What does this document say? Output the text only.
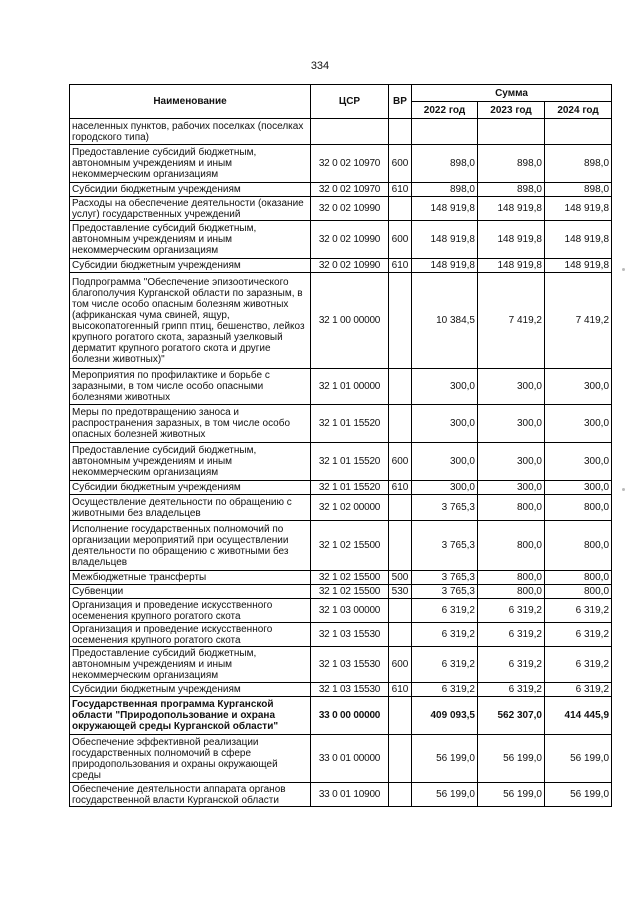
334
Наименование	ЦСР	ВР	Сумма		
			2022 год	2023 год	2024 год
населенных пунктов, рабочих поселках (поселках городского типа)					
Предоставление субсидий бюджетным, автономным учреждениям и иным некоммерческим организациям	32 0 02 10970	600	898,0	898,0	898,0
Субсидии бюджетным учреждениям	32 0 02 10970	610	898,0	898,0	898,0
Расходы на обеспечение деятельности (оказание услуг) государственных учреждений	32 0 02 10990		148 919,8	148 919,8	148 919,8
Предоставление субсидий бюджетным, автономным учреждениям и иным некоммерческим организациям	32 0 02 10990	600	148 919,8	148 919,8	148 919,8
Субсидии бюджетным учреждениям	32 0 02 10990	610	148 919,8	148 919,8	148 919,8
Подпрограмма "Обеспечение эпизоотического благополучия Курганской области по заразным, в том числе особо опасным болезням животных (африканская чума свиней, ящур, высокопатогенный грипп птиц, бешенство, лейкоз крупного рогатого скота, заразный узелковый дерматит крупного рогатого скота и другие болезни животных)"	32 1 00 00000		10 384,5	7 419,2	7 419,2
Мероприятия по профилактике и борьбе с заразными, в том числе особо опасными болезнями животных	32 1 01 00000		300,0	300,0	300,0
Меры по предотвращению заноса и распространения заразных, в том числе особо опасных болезней животных	32 1 01 15520		300,0	300,0	300,0
Предоставление субсидий бюджетным, автономным учреждениям и иным некоммерческим организациям	32 1 01 15520	600	300,0	300,0	300,0
Субсидии бюджетным учреждениям	32 1 01 15520	610	300,0	300,0	300,0
Осуществление деятельности по обращению с животными без владельцев	32 1 02 00000		3 765,3	800,0	800,0
Исполнение государственных полномочий по организации мероприятий при осуществлении деятельности по обращению с животными без владельцев	32 1 02 15500		3 765,3	800,0	800,0
Межбюджетные трансферты	32 1 02 15500	500	3 765,3	800,0	800,0
Субвенции	32 1 02 15500	530	3 765,3	800,0	800,0
Организация и проведение искусственного осеменения крупного рогатого скота	32 1 03 00000		6 319,2	6 319,2	6 319,2
Организация и проведение искусственного осеменения крупного рогатого скота	32 1 03 15530		6 319,2	6 319,2	6 319,2
Предоставление субсидий бюджетным, автономным учреждениям и иным некоммерческим организациям	32 1 03 15530	600	6 319,2	6 319,2	6 319,2
Субсидии бюджетным учреждениям	32 1 03 15530	610	6 319,2	6 319,2	6 319,2
Государственная программа Курганской области "Природопользование и охрана окружающей среды Курганской области"	33 0 00 00000		409 093,5	562 307,0	414 445,9
Обеспечение эффективной реализации государственных полномочий в сфере природопользования и охраны окружающей среды	33 0 01 00000		56 199,0	56 199,0	56 199,0
Обеспечение деятельности аппарата органов государственной власти Курганской области	33 0 01 10900		56 199,0	56 199,0	56 199,0
